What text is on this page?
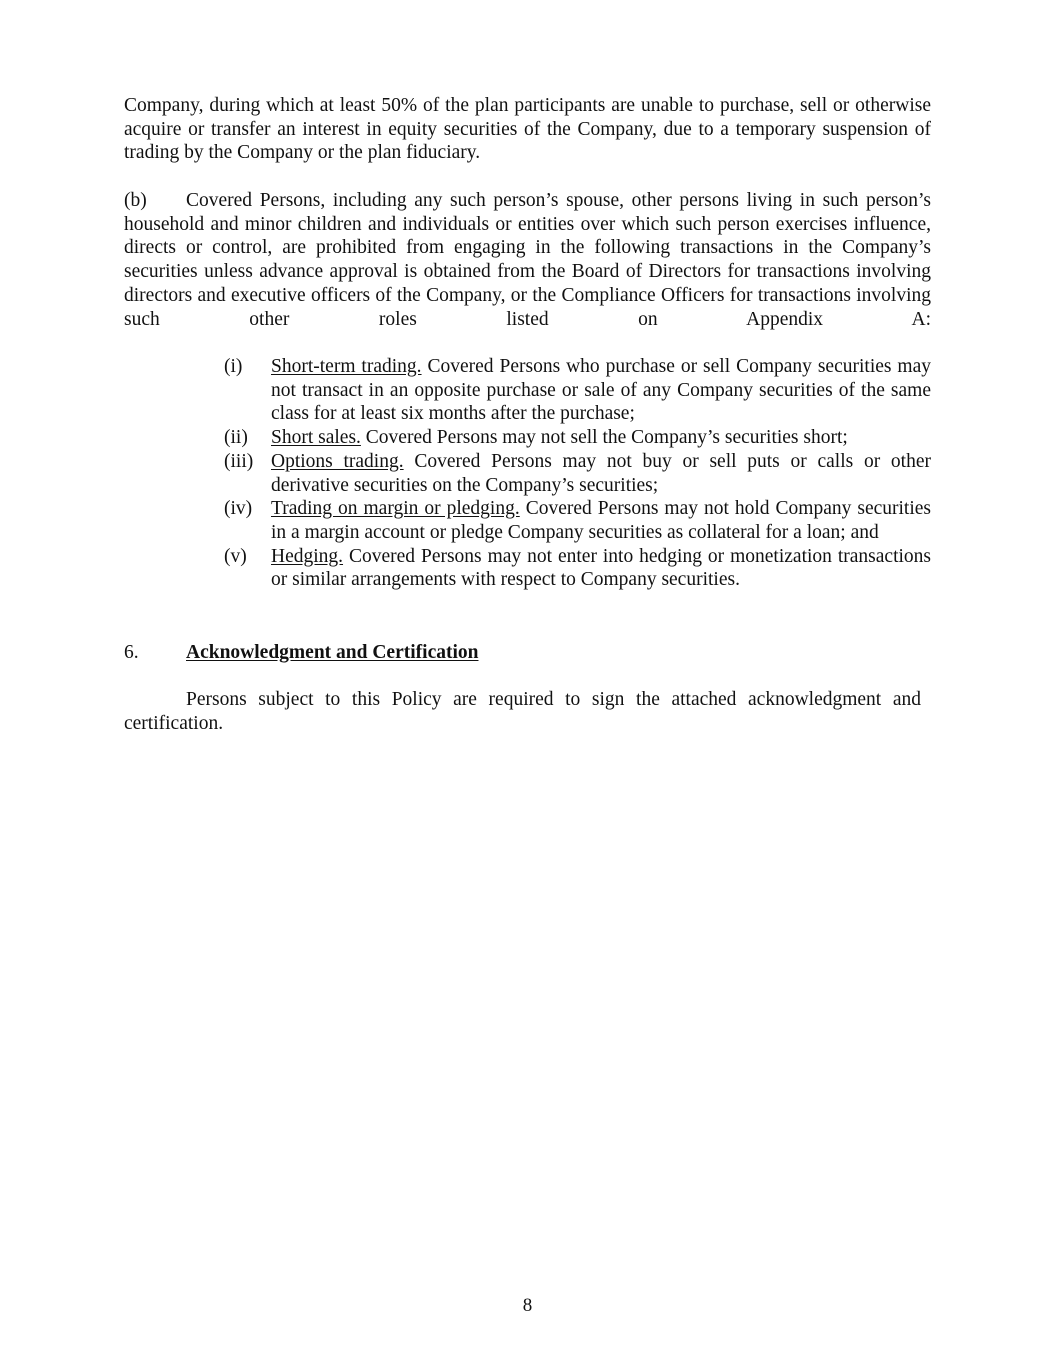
Company, during which at least 50% of the plan participants are unable to purchase, sell or otherwise acquire or transfer an interest in equity securities of the Company, due to a temporary suspension of trading by the Company or the plan fiduciary.

(b) Covered Persons, including any such person’s spouse, other persons living in such person’s household and minor children and individuals or entities over which such person exercises influence, directs or control, are prohibited from engaging in the following transactions in the Company’s securities unless advance approval is obtained from the Board of Directors for transactions involving directors and executive officers of the Company, or the Compliance Officers for transactions involving such other roles listed on Appendix A:

(i)	Short-term trading. Covered Persons who purchase or sell Company securities may not transact in an opposite purchase or sale of any Company securities of the same class for at least six months after the purchase;
(ii)	Short sales. Covered Persons may not sell the Company’s securities short;
(iii) Options trading. Covered Persons may not buy or sell puts or calls or other derivative securities on the Company’s securities;
(iv) Trading on margin or pledging. Covered Persons may not hold Company securities in a margin account or pledge Company securities as collateral for a loan; and
(v)	Hedging. Covered Persons may not enter into hedging or monetization transactions or similar arrangements with respect to Company securities.
6.	Acknowledgment and Certification

Persons subject to this Policy are required to sign the attached acknowledgment and certification.

8
